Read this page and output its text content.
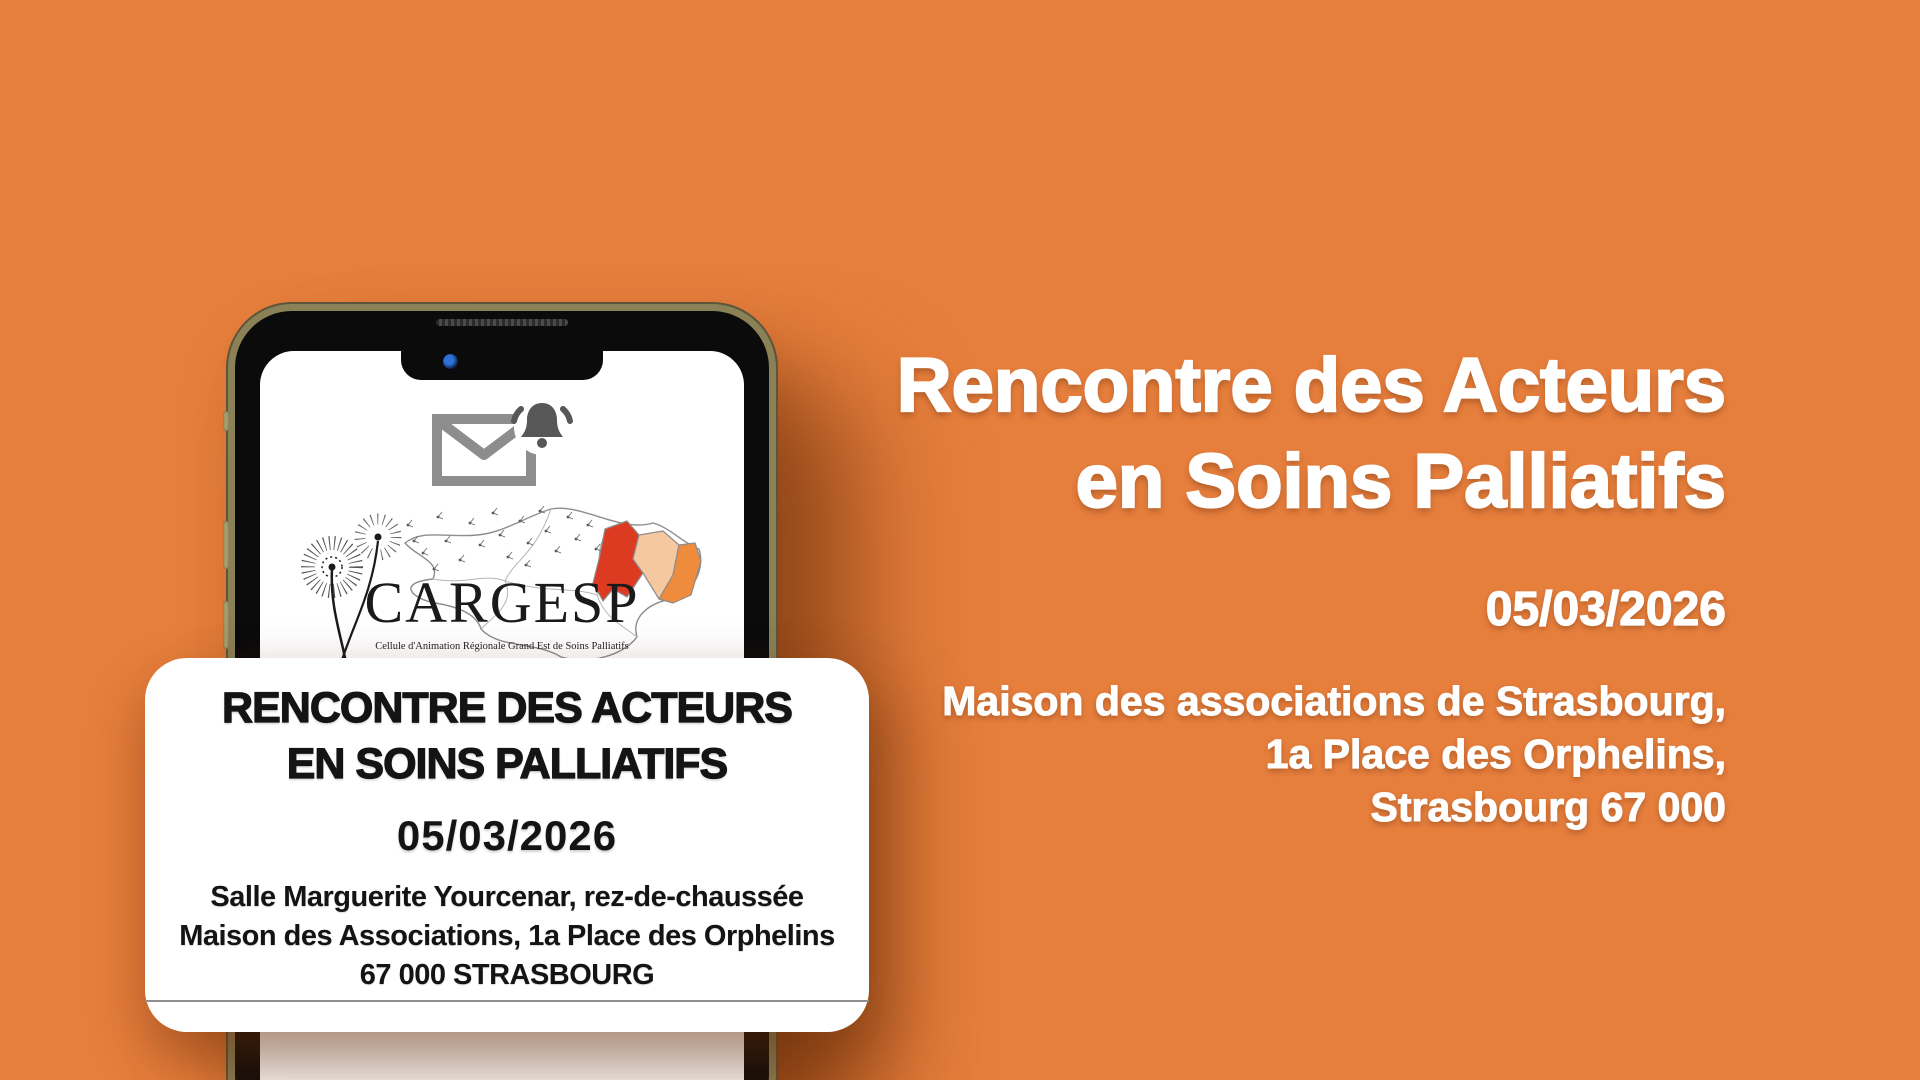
CARGESP
Cellule d'Animation Régionale Grand Est de Soins Palliatifs
RENCONTRE DES ACTEURS
EN SOINS PALLIATIFS
05/03/2026
Salle Marguerite Yourcenar, rez-de-chaussée
Maison des Associations, 1a Place des Orphelins
67 000 STRASBOURG
Rencontre des Acteurs
en Soins Palliatifs
05/03/2026
Maison des associations de Strasbourg,
1a Place des Orphelins,
Strasbourg 67 000
